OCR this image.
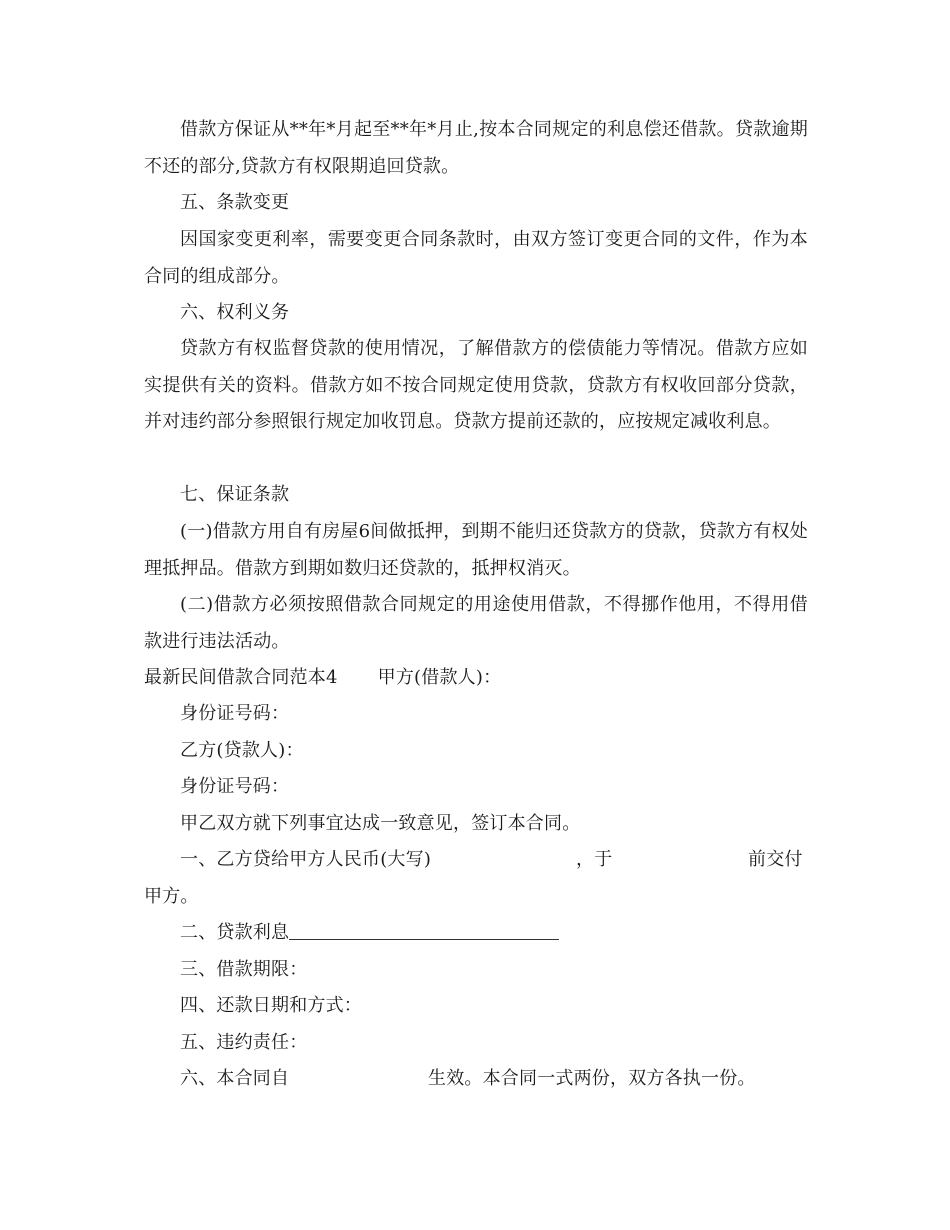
借款方保证从**年*月起至**年*月止,按本合同规定的利息偿还借款。贷款逾期不还的部分,贷款方有权限期追回贷款。

五、条款变更

因国家变更利率，需要变更合同条款时，由双方签订变更合同的文件，作为本合同的组成部分。

六、权利义务

贷款方有权监督贷款的使用情况，了解借款方的偿债能力等情况。借款方应如实提供有关的资料。借款方如不按合同规定使用贷款，贷款方有权收回部分贷款，并对违约部分参照银行规定加收罚息。贷款方提前还款的，应按规定减收利息。

七、保证条款

(一)借款方用自有房屋6间做抵押，到期不能归还贷款方的贷款，贷款方有权处理抵押品。借款方到期如数归还贷款的，抵押权消灭。

(二)借款方必须按照借款合同规定的用途使用借款，不得挪作他用，不得用借款进行违法活动。

最新民间借款合同范本4 甲方(借款人)：

身份证号码：

乙方(贷款人)：

身份证号码：

甲乙双方就下列事宜达成一致意见，签订本合同。

一、乙方贷给甲方人民币(大写)	，于	前交付

甲方。

二、贷款利息

三、借款期限：

四、还款日期和方式：

五、违约责任：

六、本合同自	生效。本合同一式两份，双方各执一份。
